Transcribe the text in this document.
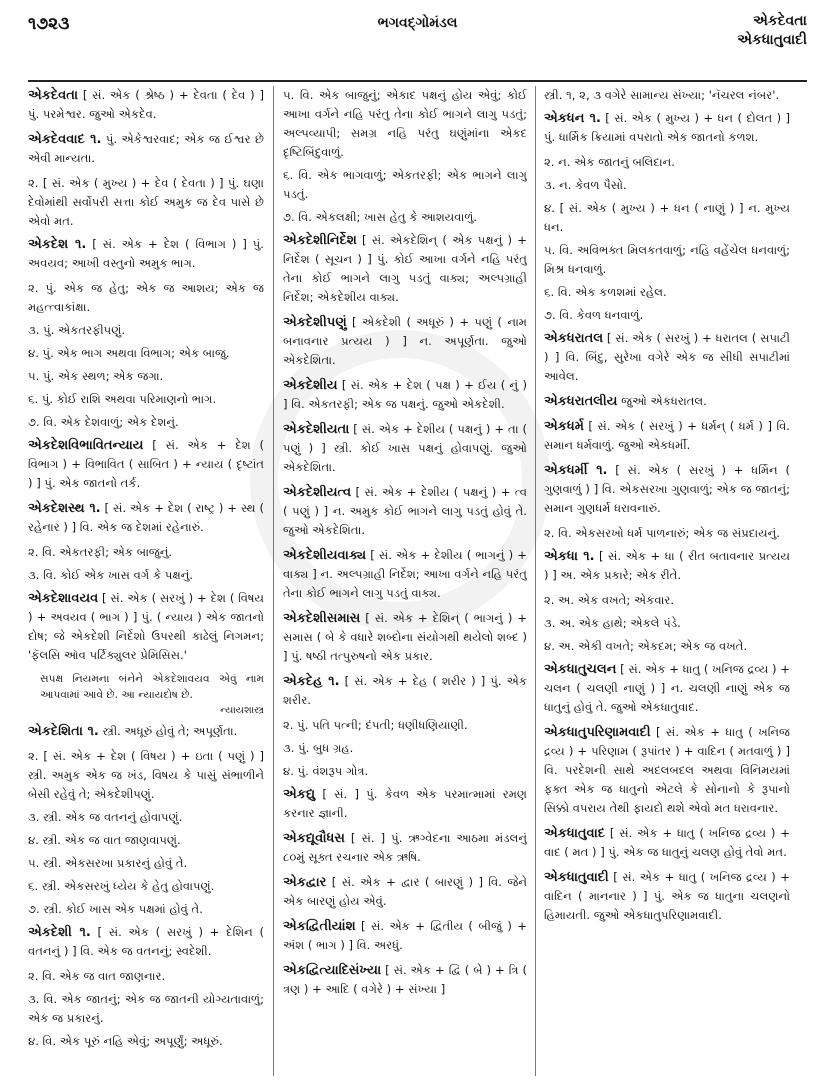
૧૭૨૩	ભગવદ્ગોમંડલ	એકદેવતા
એકધાતુવાદી
એકદેવતા [ સં. એક ( શ્રેષ્ઠ ) + દેવતા ( દેવ ) ] પું. પરમેશ્વર. જુઓ એકદેવ.
એકદેવવાદ ૧. પું. એકેશ્વરવાદ; એક જ ઈશ્વર છે એવી માન્યતા.
૨. [ સં. એક ( મુખ્ય ) + દેવ ( દેવતા ) ] પું. ઘણા દેવોમાંથી સર્વોપરી સત્તા કોઈ અમુક જ દેવ પાસે છે એવો મત.
એકદેશ ૧. [ સં. એક + દેશ ( વિભાગ ) ] પું. અવયવ; આખી વસ્તુનો અમુક ભાગ.
૨. પું. એક જ હેતુ; એક જ આશય; એક જ મહત્ત્વાકાંક્ષા.
૩. પું. એકતરફીપણું.
૪. પું. એક ભાગ અથવા વિભાગ; એક બાજુ.
૫. પું. એક સ્થળ; એક જગા.
૬. પું. કોઈ રાશિ અથવા પરિમાણનો ભાગ.
૭. વિ. એક દેશવાળું; એક દેશનું.
એકદેશવિભાવિતન્યાય [ સં. એક + દેશ ( વિભાગ ) + વિભાવિત ( સાબિત ) + ન્યાય ( દૃષ્ટાંત ) ] પું. એક જાતનો તર્ક.
એકદેશસ્થ ૧. [ સં. એક + દેશ ( રાષ્ટ્ર ) + સ્થ ( રહેનાર ) ] વિ. એક જ દેશમાં રહેનારું.
૨. વિ. એકતરફી; એક બાજુનું.
૩. વિ. કોઈ એક ખાસ વર્ગ કે પક્ષનું.
એકદેશાવયવ [ સં. એક ( સરખું ) + દેશ ( વિષય ) + અવયવ ( ભાગ ) ] પું. ( ન્યાય ) એક જાતનો દોષ; જે એકદેશી નિર્દેશો ઉપરથી કાઢેલું નિગમન; 'ફૅલસિ ઑવ પર્ટિક્યુલર પ્રેમિસિસ.'
સપક્ષ નિયમના બંનેને એકદેશાવયવ એવું નામ આપવામાં આવે છે. આ ન્યાયદોષ છે.
ન્યાયશાસ્ત્ર
એકદેશિતા ૧. સ્ત્રી. અધૂરું હોવું તે; અપૂર્ણતા.
૨. [ સં. એક + દેશ ( વિષય ) + ઇતા ( પણું ) ] સ્ત્રી. અમુક એક જ ખંડ, વિષય કે પાસું સંભાળીને બેસી રહેવું તે; એકદેશીપણું.
૩. સ્ત્રી. એક જ વતનનું હોવાપણું.
૪. સ્ત્રી. એક જ વાત જાણવાપણું.
૫. સ્ત્રી. એકસરખા પ્રકારનું હોવું તે.
૬. સ્ત્રી. એકસરખું ધ્યેય કે હેતુ હોવાપણું.
૭. સ્ત્રી. કોઈ ખાસ એક પક્ષમાં હોવું તે.
એકદેશી ૧. [ સં. એક ( સરખું ) + દેશિન ( વતનનું ) ] વિ. એક જ વતનનું; સ્વદેશી.
૨. વિ. એક જ વાત જાણનાર.
૩. વિ. એક જાતનું; એક જ જાતની યોગ્યતાવાળું; એક જ પ્રકારનું.
૪. વિ. એક પૂરું નહિ એવું; અપૂર્ણું; અધૂરું.
૫. વિ. એક બાજુનું; એકાદ પક્ષનું હોય એવું; કોઈ આખા વર્ગને નહિ પરંતુ તેના કોઈ ભાગને લાગુ પડતું; અલ્પવ્યાપી; સમગ્ર નહિ પરંતુ ઘણુંમાંના એકદ દૃષ્ટિબિંદુવાળું.
૬. વિ. એક ભાગવાળું; એકતરફી; એક ભાગને લાગુ પડતું.
૭. વિ. એકલક્ષી; ખાસ હેતુ કે આશયવાળું.
એકદેશીનિર્દેશ [ સં. એકદેશિન્ ( એક પક્ષનું ) + નિર્દેશ ( સૂચન ) ] પું. કોઈ આખા વર્ગને નહિ પરંતુ તેના કોઈ ભાગને લાગુ પડતું વાક્ય; અલ્પગ્રાહી નિર્દેશ; એકદેશીય વાક્ય.
એકદેશીપણું [ એકદેશી ( અધૂરું ) + પણું ( નામ બનાવનાર પ્રત્યય ) ] ન. અપૂર્ણતા. જુઓ એકદેશિતા.
એકદેશીય [ સં. એક + દેશ ( પક્ષ ) + ઈય ( નું ) ] વિ. એકતરફી; એક જ પક્ષનું. જુઓ એકદેશી.
એકદેશીયતા [ સં. એક + દેશીય ( પક્ષનું ) + તા ( પણું ) ] સ્ત્રી. કોઈ ખાસ પક્ષનું હોવાપણું. જુઓ એકદેશિતા.
એકદેશીયત્વ [ સં. એક + દેશીય ( પક્ષનું ) + ત્વ ( પણું ) ] ન. અમુક કોઈ ભાગને લાગુ પડતું હોવું તે. જુઓ એકદેશિતા.
એકદેશીયવાક્ય [ સં. એક + દેશીય ( ભાગનું ) + વાક્ય ] ન. અલ્પગ્રાહી નિર્દેશ; આખા વર્ગને નહિ પરંતુ તેના કોઈ ભાગને લાગુ પડતું વાક્ય.
એકદેશીસમાસ [ સં. એક + દેશિન્ ( ભાગનું ) + સમાસ ( બે કે વધારે શબ્દોના સંયોગથી થયેલો શબ્દ ) ] પું. ષષ્ઠી તત્પુરુષનો એક પ્રકાર.
એકદેહ ૧. [ સં. એક + દેહ ( શરીર ) ] પું. એક શરીર.
૨. પું. પતિ પત્ની; દંપતી; ધણીધણિયાણી.
૩. પું. બુધ ગ્રહ.
૪. પું. વંશરૂપ ગોત્ર.
એકદ્યુ [ સં. ] પું. કેવળ એક પરમાત્મામાં રમણ કરનાર જ્ઞાની.
એકદ્યૂવૌધસ [ સં. ] પું. ઋગ્વેદના આઠમા મંડલનું ૮૦મું સૂક્ત રચનાર એક ઋષિ.
એકદ્વાર [ સં. એક + દ્વાર ( બારણું ) ] વિ. જેને એક બારણું હોય એવું.
એકદ્વિતીયાંશ [ સં. એક + દ્વિતીય ( બીજું ) + અંશ ( ભાગ ) ] વિ. અરધું.
એકદ્વિત્યાદિસંખ્યા [ સં. એક + દ્વિ ( બે ) + ત્રિ ( ત્રણ ) + આદિ ( વગેરે ) + સંખ્યા ]
સ્ત્રી. ૧, ૨, ૩ વગેરે સામાન્ય સંખ્યા; 'નૅચરલ નંબર'.
એકધન ૧. [ સં. એક ( મુખ્ય ) + ધન ( દોલત ) ] પું. ધાર્મિક ક્રિયામાં વપરાતો એક જાતનો કળશ.
૨. ન. એક જાતનું બલિદાન.
૩. ન. કેવળ પૈસો.
૪. [ સં. એક ( મુખ્ય ) + ધન ( નાણું ) ] ન. મુખ્ય ધન.
૫. વિ. અવિભક્ત મિલકતવાળું; નહિ વહેંચેલ ધનવાળું; મિશ્ર ધનવાળું.
૬. વિ. એક કળશમાં રહેલ.
૭. વિ. કેવળ ધનવાળું.
એકધરાતલ [ સં. એક ( સરખું ) + ધરાતલ ( સપાટી ) ] વિ. બિંદુ, સુરેખા વગેરે એક જ સીધી સપાટીમાં આવેલ.
એકધરાતલીય જુઓ એકધરાતલ.
એકધર્મ [ સં. એક ( સરખું ) + ધર્મન્ ( ધર્મ ) ] વિ. સમાન ધર્મવાળું. જુઓ એકધર્મી.
એકધર્મી ૧. [ સં. એક ( સરખું ) + ધર્મિન ( ગુણવાળું ) ] વિ. એકસરખા ગુણવાળું; એક જ જાતનું; સમાન ગુણધર્મ ધરાવનારું.
૨. વિ. એકસરખો ધર્મ પાળનારું; એક જ સંપ્રદાયનું.
એકધા ૧. [ સં. એક + ધા ( રીત બતાવનાર પ્રત્યય ) ] અ. એક પ્રકારે; એક રીતે.
૨. અ. એક વખતે; એકવાર.
૩. અ. એક હાથે; એકલે પંડે.
૪. અ. એકી વખતે; એકદમ; એક જ વખતે.
એકધાતુચલન [ સં. એક + ધાતુ ( ખનિજ દ્રવ્ય ) + ચલન ( ચલણી નાણું ) ] ન. ચલણી નાણું એક જ ધાતુનું હોવું તે. જુઓ એકધાતુવાદ.
એકધાતુપરિણામવાદી [ સં. એક + ધાતુ ( ખનિજ દ્રવ્ય ) + પરિણામ ( રૂપાંતર ) + વાદિન ( મતવાળું ) ] વિ. પરદેશની સાથે અદલબદલ અથવા વિનિમયમાં ફક્ત એક જ ધાતુનો એટલે કે સોનાનો કે રૂપાનો સિક્કો વપરાય તેથી ફાયદો થશે એવો મત ધરાવનાર.
એકધાતુવાદ [ સં. એક + ધાતુ ( ખનિજ દ્રવ્ય ) + વાદ ( મત ) ] પું. એક જ ધાતુનું ચલણ હોવું તેવો મત.
એકધાતુવાદી [ સં. એક + ધાતુ ( ખનિજ દ્રવ્ય ) + વાદિન ( માનનાર ) ] પું. એક જ ધાતુના ચલણનો હિમાયતી. જુઓ એકધાતુપરિણામવાદી.
